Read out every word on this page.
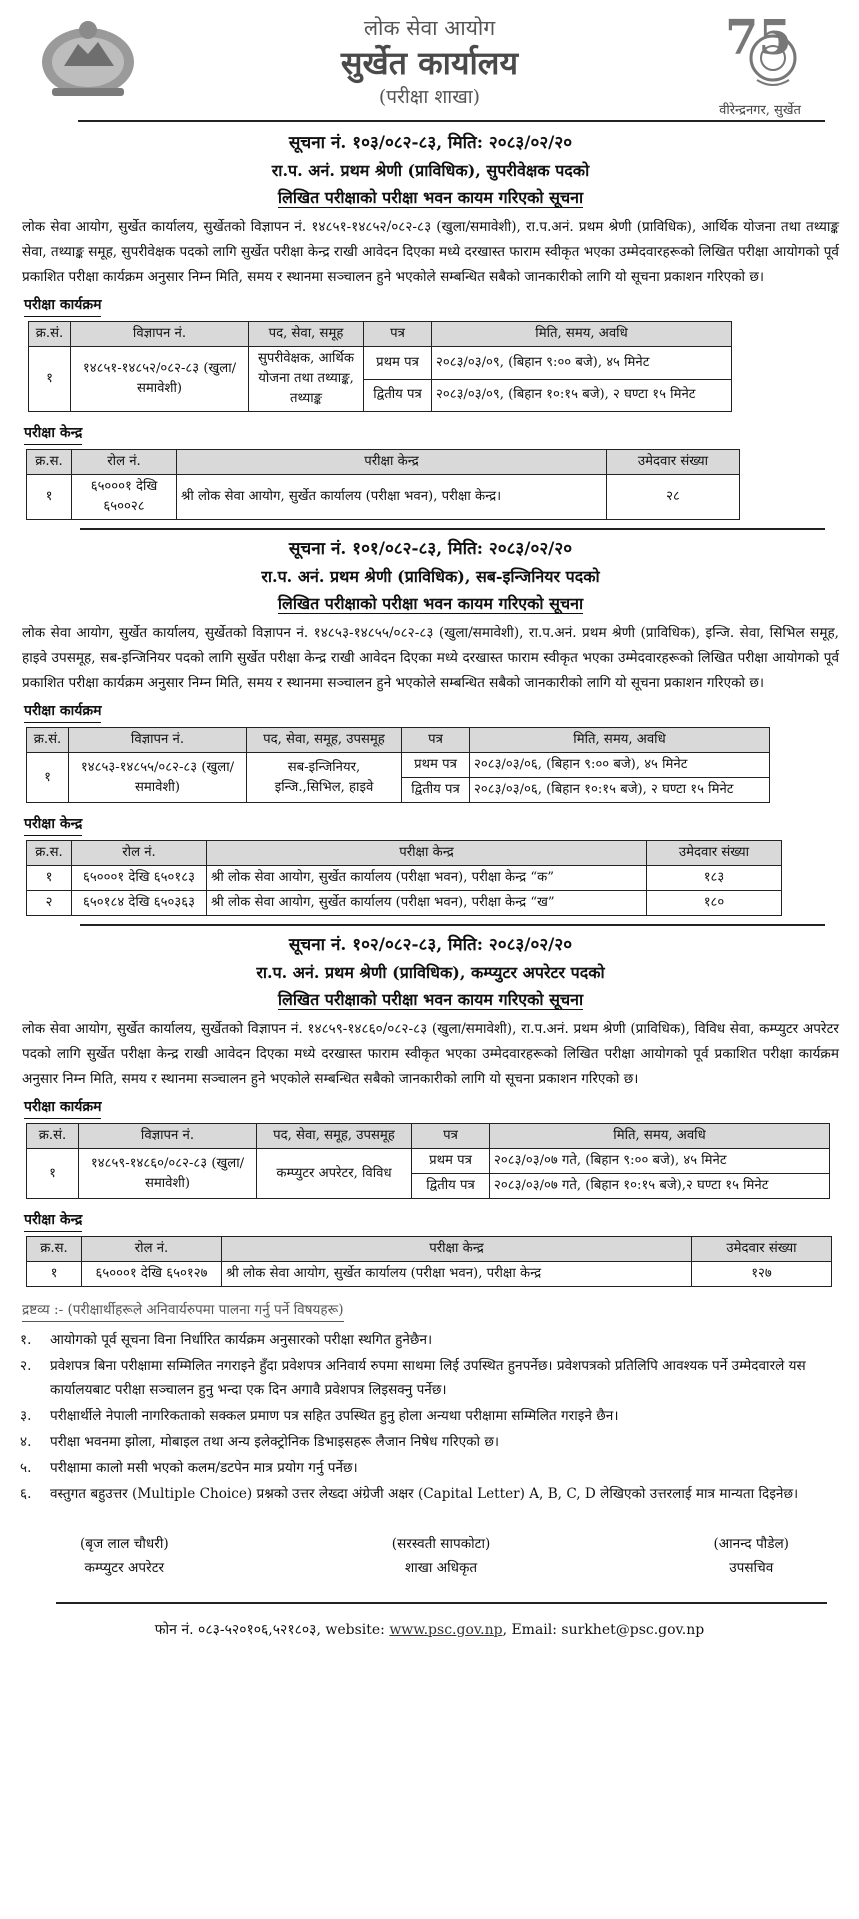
लोक सेवा आयोग
सुर्खेत कार्यालय
(परीक्षा शाखा)
75
वीरेन्द्रनगर, सुर्खेत
सूचना नं. १०३/०८२-८३, मिति: २०८३/०२/२०
रा.प. अनं. प्रथम श्रेणी (प्राविधिक), सुपरीवेक्षक पदको
लिखित परीक्षाको परीक्षा भवन कायम गरिएको सूचना
लोक सेवा आयोग, सुर्खेत कार्यालय, सुर्खेतको विज्ञापन नं. १४८५१-१४८५२/०८२-८३ (खुला/समावेशी), रा.प.अनं. प्रथम श्रेणी (प्राविधिक), आर्थिक योजना तथा तथ्याङ्क सेवा, तथ्याङ्क समूह, सुपरीवेक्षक पदको लागि सुर्खेत परीक्षा केन्द्र राखी आवेदन दिएका मध्ये दरखास्त फाराम स्वीकृत भएका उम्मेदवारहरूको लिखित परीक्षा आयोगको पूर्व प्रकाशित परीक्षा कार्यक्रम अनुसार निम्न मिति, समय र स्थानमा सञ्चालन हुने भएकोले सम्बन्धित सबैको जानकारीको लागि यो सूचना प्रकाशन गरिएको छ।
परीक्षा कार्यक्रम
क्र.सं.	विज्ञापन नं.	पद, सेवा, समूह	पत्र	मिति, समय, अवधि
१	१४८५१-१४८५२/०८२-८३ (खुला/समावेशी)	सुपरीवेक्षक, आर्थिक योजना तथा तथ्याङ्क, तथ्याङ्क	प्रथम पत्र	२०८३/०३/०९, (बिहान ९:०० बजे), ४५ मिनेट
			द्वितीय पत्र	२०८३/०३/०९, (बिहान १०:१५ बजे), २ घण्टा १५ मिनेट
परीक्षा केन्द्र
क्र.स.	रोल नं.	परीक्षा केन्द्र	उमेदवार संख्या
१	६५०००१ देखि ६५००२८	श्री लोक सेवा आयोग, सुर्खेत कार्यालय (परीक्षा भवन), परीक्षा केन्द्र।	२८
सूचना नं. १०१/०८२-८३, मिति: २०८३/०२/२०
रा.प. अनं. प्रथम श्रेणी (प्राविधिक), सब-इन्जिनियर पदको
लिखित परीक्षाको परीक्षा भवन कायम गरिएको सूचना
लोक सेवा आयोग, सुर्खेत कार्यालय, सुर्खेतको विज्ञापन नं. १४८५३-१४८५५/०८२-८३ (खुला/समावेशी), रा.प.अनं. प्रथम श्रेणी (प्राविधिक), इन्जि. सेवा, सिभिल समूह, हाइवे उपसमूह, सब-इन्जिनियर पदको लागि सुर्खेत परीक्षा केन्द्र राखी आवेदन दिएका मध्ये दरखास्त फाराम स्वीकृत भएका उम्मेदवारहरूको लिखित परीक्षा आयोगको पूर्व प्रकाशित परीक्षा कार्यक्रम अनुसार निम्न मिति, समय र स्थानमा सञ्चालन हुने भएकोले सम्बन्धित सबैको जानकारीको लागि यो सूचना प्रकाशन गरिएको छ।
परीक्षा कार्यक्रम
क्र.सं.	विज्ञापन नं.	पद, सेवा, समूह, उपसमूह	पत्र	मिति, समय, अवधि
१	१४८५३-१४८५५/०८२-८३ (खुला/समावेशी)	सब-इन्जिनियर, इन्जि.,सिभिल, हाइवे	प्रथम पत्र	२०८३/०३/०६, (बिहान ९:०० बजे), ४५ मिनेट
			द्वितीय पत्र	२०८३/०३/०६, (बिहान १०:१५ बजे), २ घण्टा १५ मिनेट
परीक्षा केन्द्र
क्र.स.	रोल नं.	परीक्षा केन्द्र	उमेदवार संख्या
१	६५०००१ देखि ६५०१८३	श्री लोक सेवा आयोग, सुर्खेत कार्यालय (परीक्षा भवन), परीक्षा केन्द्र “क”	१८३
२	६५०१८४ देखि ६५०३६३	श्री लोक सेवा आयोग, सुर्खेत कार्यालय (परीक्षा भवन), परीक्षा केन्द्र “ख”	१८०
सूचना नं. १०२/०८२-८३, मिति: २०८३/०२/२०
रा.प. अनं. प्रथम श्रेणी (प्राविधिक), कम्प्युटर अपरेटर पदको
लिखित परीक्षाको परीक्षा भवन कायम गरिएको सूचना
लोक सेवा आयोग, सुर्खेत कार्यालय, सुर्खेतको विज्ञापन नं. १४८५९-१४८६०/०८२-८३ (खुला/समावेशी), रा.प.अनं. प्रथम श्रेणी (प्राविधिक), विविध सेवा, कम्प्युटर अपरेटर पदको लागि सुर्खेत परीक्षा केन्द्र राखी आवेदन दिएका मध्ये दरखास्त फाराम स्वीकृत भएका उम्मेदवारहरूको लिखित परीक्षा आयोगको पूर्व प्रकाशित परीक्षा कार्यक्रम अनुसार निम्न मिति, समय र स्थानमा सञ्चालन हुने भएकोले सम्बन्धित सबैको जानकारीको लागि यो सूचना प्रकाशन गरिएको छ।
परीक्षा कार्यक्रम
क्र.सं.	विज्ञापन नं.	पद, सेवा, समूह, उपसमूह	पत्र	मिति, समय, अवधि
१	१४८५९-१४८६०/०८२-८३ (खुला/समावेशी)	कम्प्युटर अपरेटर, विविध	प्रथम पत्र	२०८३/०३/०७ गते, (बिहान ९:०० बजे), ४५ मिनेट
			द्वितीय पत्र	२०८३/०३/०७ गते, (बिहान १०:१५ बजे),२ घण्टा १५ मिनेट
परीक्षा केन्द्र
क्र.स.	रोल नं.	परीक्षा केन्द्र	उमेदवार संख्या
१	६५०००१ देखि ६५०१२७	श्री लोक सेवा आयोग, सुर्खेत कार्यालय (परीक्षा भवन), परीक्षा केन्द्र	१२७
द्रष्टव्य :- (परीक्षार्थीहरूले अनिवार्यरुपमा पालना गर्नु पर्ने विषयहरू)
१.	आयोगको पूर्व सूचना विना निर्धारित कार्यक्रम अनुसारको परीक्षा स्थगित हुनेछैन।
२.	प्रवेशपत्र बिना परीक्षामा सम्मिलित नगराइने हुँदा प्रवेशपत्र अनिवार्य रुपमा साथमा लिई उपस्थित हुनपर्नेछ। प्रवेशपत्रको प्रतिलिपि आवश्यक पर्ने उम्मेदवारले यस कार्यालयबाट परीक्षा सञ्चालन हुनु भन्दा एक दिन अगावै प्रवेशपत्र लिइसक्नु पर्नेछ।
३.	परीक्षार्थीले नेपाली नागरिकताको सक्कल प्रमाण पत्र सहित उपस्थित हुनु होला अन्यथा परीक्षामा सम्मिलित गराइने छैन।
४.	परीक्षा भवनमा झोला, मोबाइल तथा अन्य इलेक्ट्रोनिक डिभाइसहरू लैजान निषेध गरिएको छ।
५.	परीक्षामा कालो मसी भएको कलम/डटपेन मात्र प्रयोग गर्नु पर्नेछ।
६.	वस्तुगत बहुउत्तर (Multiple Choice) प्रश्नको उत्तर लेख्दा अंग्रेजी अक्षर (Capital Letter) A, B, C, D लेखिएको उत्तरलाई मात्र मान्यता दिइनेछ।
(बृज लाल चौधरी)
कम्प्युटर अपरेटर
(सरस्वती सापकोटा)
शाखा अधिकृत
(आनन्द पौडेल)
उपसचिव
फोन नं. ०८३-५२०१०६,५२१८०३, website: www.psc.gov.np, Email: surkhet@psc.gov.np
